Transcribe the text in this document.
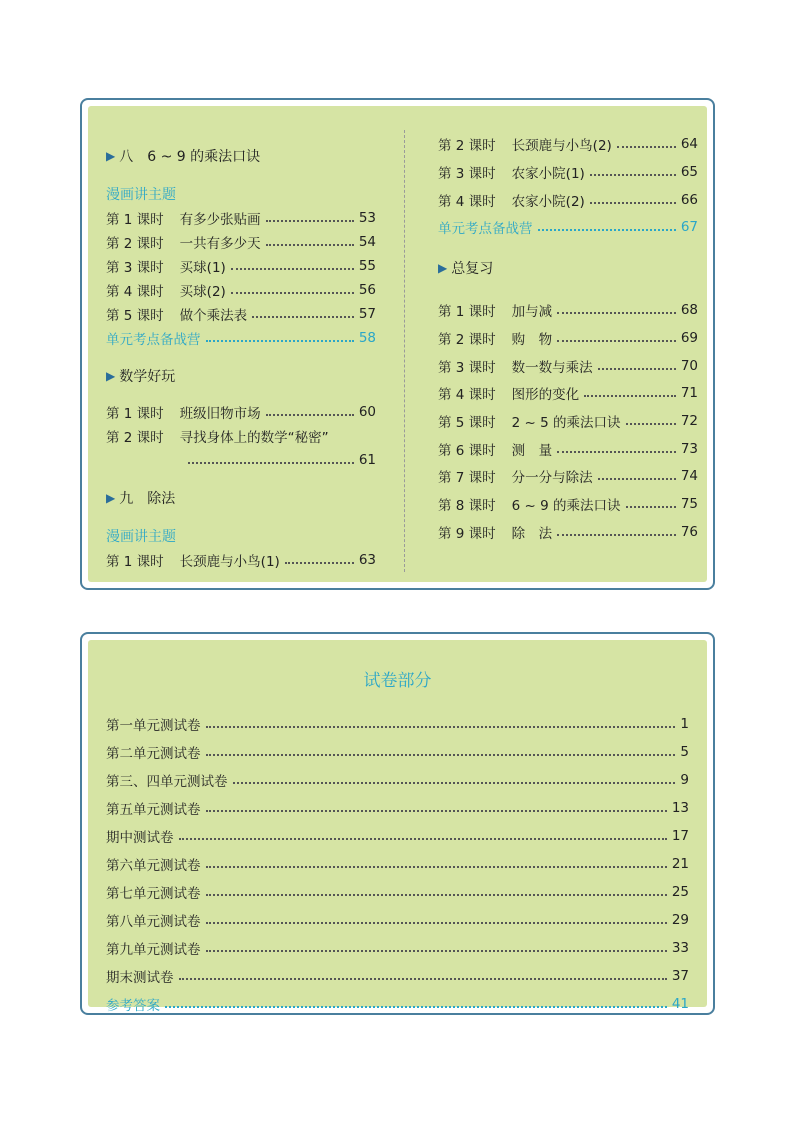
▶ 八　6 ~ 9 的乘法口诀
漫画讲主题
第 1 课时 有多少张贴画	53
第 2 课时 一共有多少天	54
第 3 课时 买球(1)	55
第 4 课时 买球(2)	56
第 5 课时 做个乘法表	57
单元考点备战营	58
▶ 数学好玩
第 1 课时 班级旧物市场	60
第 2 课时 寻找身体上的数学“秘密”
61
▶ 九　除法
漫画讲主题
第 1 课时 长颈鹿与小鸟(1)	63
第 2 课时 长颈鹿与小鸟(2)	64
第 3 课时 农家小院(1)	65
第 4 课时 农家小院(2)	66
单元考点备战营	67
▶ 总复习
第 1 课时 加与减	68
第 2 课时 购　物	69
第 3 课时 数一数与乘法	70
第 4 课时 图形的变化	71
第 5 课时 2 ~ 5 的乘法口诀	72
第 6 课时 测　量	73
第 7 课时 分一分与除法	74
第 8 课时 6 ~ 9 的乘法口诀	75
第 9 课时 除　法	76
试卷部分
第一单元测试卷	1
第二单元测试卷	5
第三、四单元测试卷	9
第五单元测试卷	13
期中测试卷	17
第六单元测试卷	21
第七单元测试卷	25
第八单元测试卷	29
第九单元测试卷	33
期末测试卷	37
参考答案	41
